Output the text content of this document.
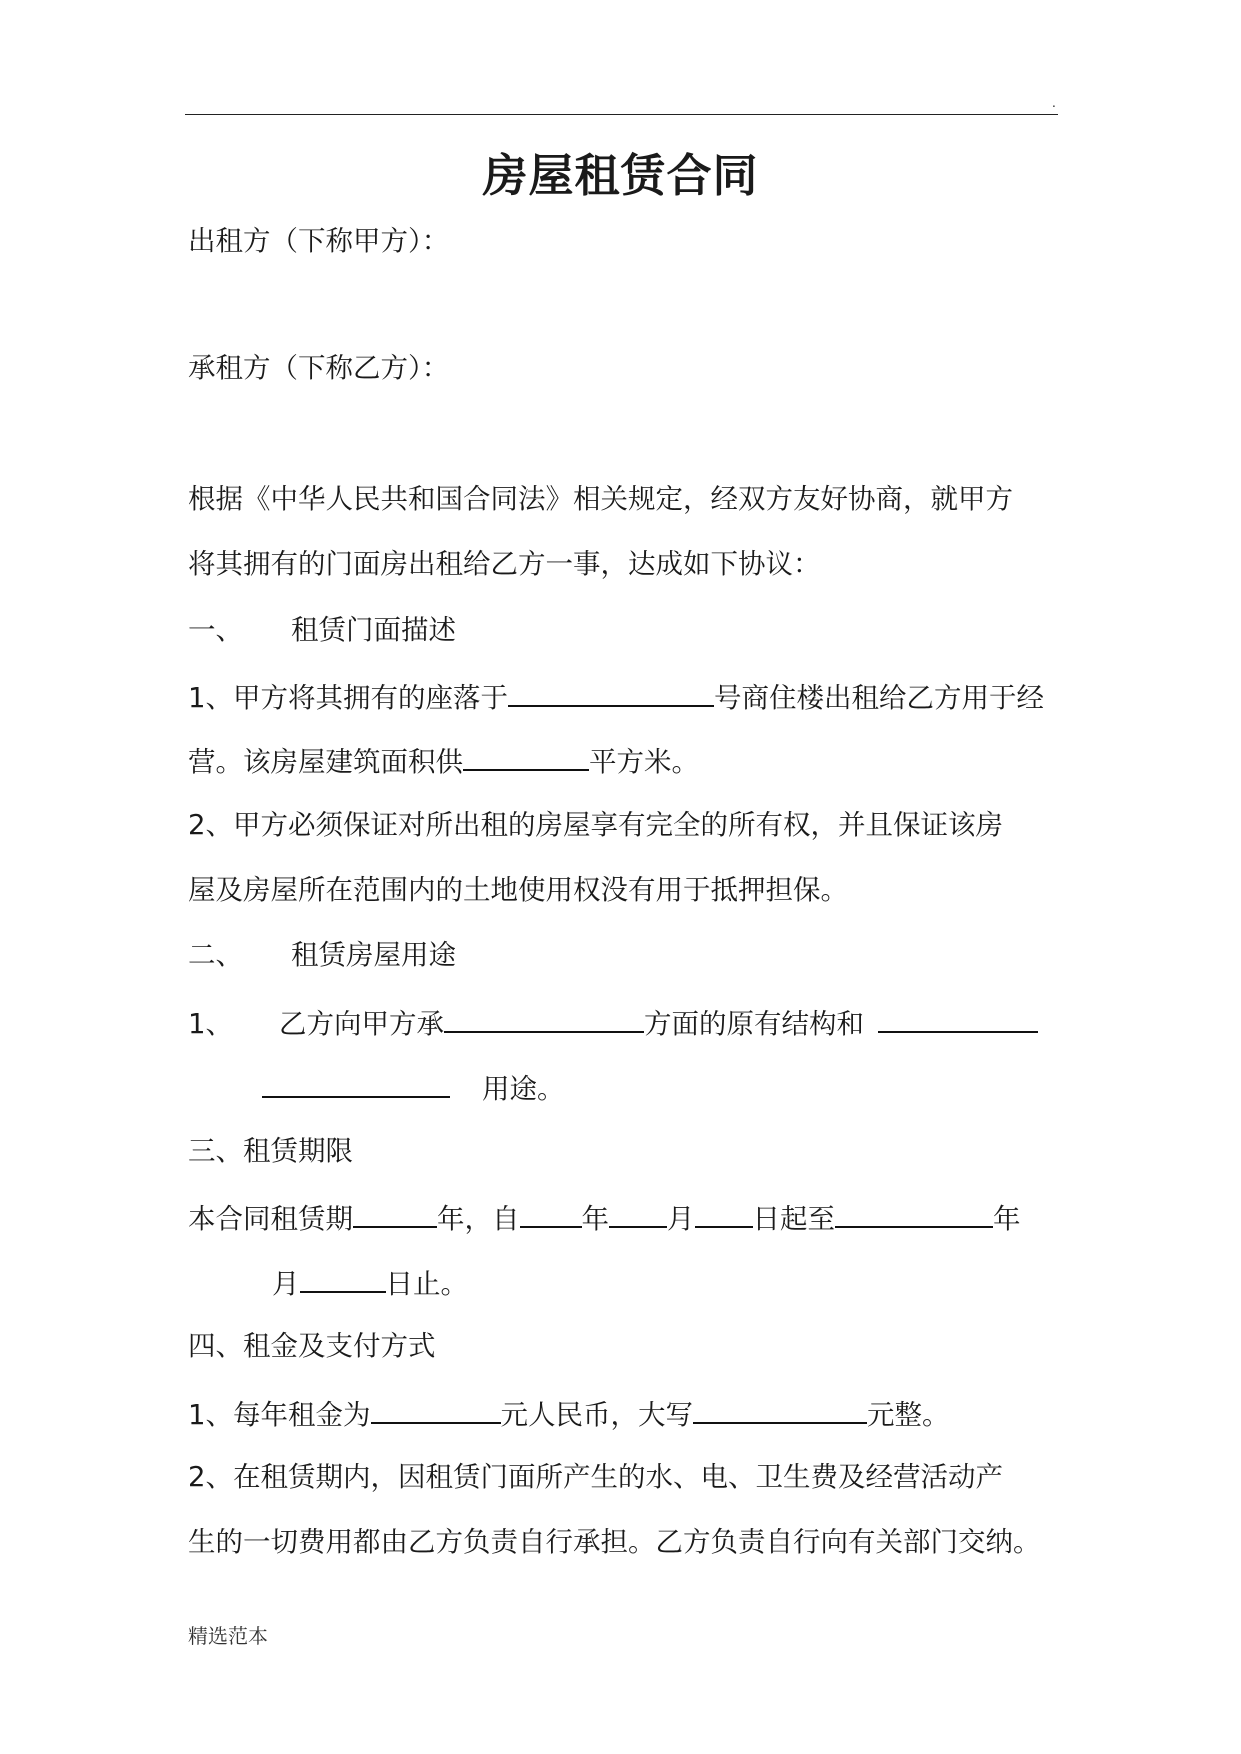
.
房屋租赁合同
出租方（下称甲方）：
承租方（下称乙方）：
根据《中华人民共和国合同法》相关规定，经双方友好协商，就甲方
将其拥有的门面房出租给乙方一事，达成如下协议：
一、 租赁门面描述
1、甲方将其拥有的座落于	号商住楼出租给乙方用于经
营。该房屋建筑面积供	平方米。
2、甲方必须保证对所出租的房屋享有完全的所有权，并且保证该房
屋及房屋所在范围内的土地使用权没有用于抵押担保。
二、 租赁房屋用途
1、 乙方向甲方承	方面的原有结构和
用途。
三、租赁期限
本合同租赁期	年，自 年 月 日起至	年
月	日止。
四、租金及支付方式
1、每年租金为	元人民币，大写	元整。
2、在租赁期内，因租赁门面所产生的水、电、卫生费及经营活动产
生的一切费用都由乙方负责自行承担。乙方负责自行向有关部门交纳。
精选范本
